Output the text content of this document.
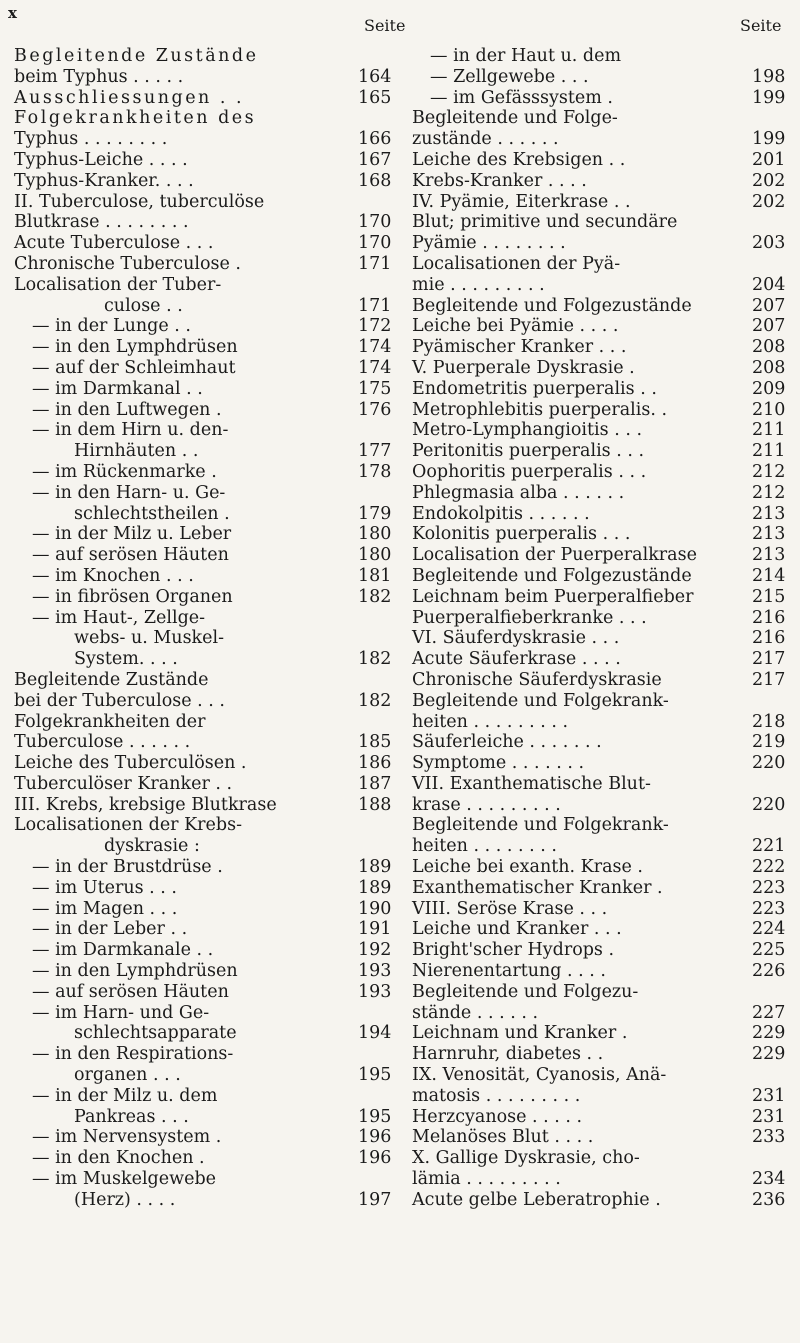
x
Seite	Seite
Begleitende Zustände
beim Typhus . . . . .	164
Ausschliessungen . .	165
Folgekrankheiten des
Typhus . . . . . . . .	166
Typhus-Leiche . . . .	167
Typhus-Kranker. . . .	168
II. Tuberculose, tuberculöse
Blutkrase . . . . . . . .	170
Acute Tuberculose . . .	170
Chronische Tuberculose .	171
Localisation der Tuber-
culose . .	171
— in der Lunge . .	172
— in den Lymphdrüsen	174
— auf der Schleimhaut	174
— im Darmkanal . .	175
— in den Luftwegen .	176
— in dem Hirn u. den-
Hirnhäuten . .	177
— im Rückenmarke .	178
— in den Harn- u. Ge-
schlechtstheilen .	179
— in der Milz u. Leber	180
— auf serösen Häuten	180
— im Knochen . . .	181
— in fibrösen Organen	182
— im Haut-, Zellge-
webs- u. Muskel-
System. . . .	182
Begleitende Zustände
bei der Tuberculose . . .	182
Folgekrankheiten der
Tuberculose . . . . . .	185
Leiche des Tuberculösen .	186
Tuberculöser Kranker . .	187
III. Krebs, krebsige Blutkrase	188
Localisationen der Krebs-
dyskrasie :
— in der Brustdrüse .	189
— im Uterus . . .	189
— im Magen . . .	190
— in der Leber . .	191
— im Darmkanale . .	192
— in den Lymphdrüsen	193
— auf serösen Häuten	193
— im Harn- und Ge-
schlechtsapparate	194
— in den Respirations-
organen . . .	195
— in der Milz u. dem
Pankreas . . .	195
— im Nervensystem .	196
— in den Knochen .	196
— im Muskelgewebe
(Herz) . . . .	197
— in der Haut u. dem
— Zellgewebe . . .	198
— im Gefässsystem .	199
Begleitende und Folge-
zustände . . . . . .	199
Leiche des Krebsigen . .	201
Krebs-Kranker . . . .	202
IV. Pyämie, Eiterkrase . .	202
Blut; primitive und secundäre
Pyämie . . . . . . . .	203
Localisationen der Pyä-
mie . . . . . . . . .	204
Begleitende und Folgezustände	207
Leiche bei Pyämie . . . .	207
Pyämischer Kranker . . .	208
V. Puerperale Dyskrasie .	208
Endometritis puerperalis . .	209
Metrophlebitis puerperalis. .	210
Metro-Lymphangioitis . . .	211
Peritonitis puerperalis . . .	211
Oophoritis puerperalis . . .	212
Phlegmasia alba . . . . . .	212
Endokolpitis . . . . . .	213
Kolonitis puerperalis . . .	213
Localisation der Puerperalkrase	213
Begleitende und Folgezustände	214
Leichnam beim Puerperalfieber	215
Puerperalfieberkranke . . .	216
VI. Säuferdyskrasie . . .	216
Acute Säuferkrase . . . .	217
Chronische Säuferdyskrasie	217
Begleitende und Folgekrank-
heiten . . . . . . . . .	218
Säuferleiche . . . . . . .	219
Symptome . . . . . . .	220
VII. Exanthematische Blut-
krase . . . . . . . . .	220
Begleitende und Folgekrank-
heiten . . . . . . . .	221
Leiche bei exanth. Krase .	222
Exanthematischer Kranker .	223
VIII. Seröse Krase . . .	223
Leiche und Kranker . . .	224
Bright'scher Hydrops .	225
Nierenentartung . . . .	226
Begleitende und Folgezu-
stände . . . . . .	227
Leichnam und Kranker .	229
Harnruhr, diabetes . .	229
IX. Venosität, Cyanosis, Anä-
matosis . . . . . . . . .	231
Herzcyanose . . . . .	231
Melanöses Blut . . . .	233
X. Gallige Dyskrasie, cho-
lämia . . . . . . . . .	234
Acute gelbe Leberatrophie .	236
